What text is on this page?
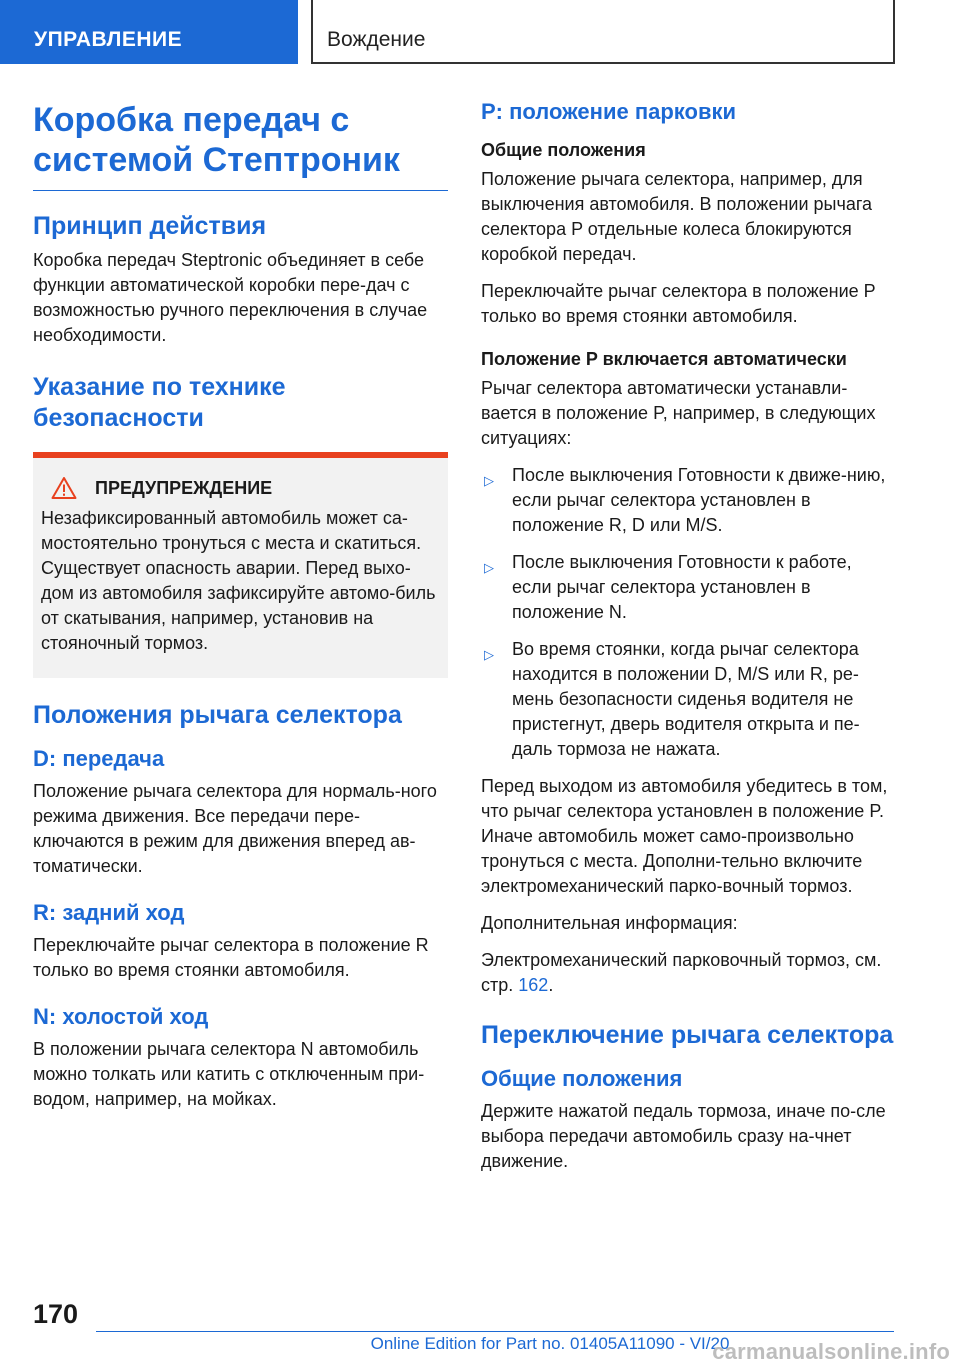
УПРАВЛЕНИЕ	Вождение
Коробка передач с системой Стептроник
Принцип действия

Коробка передач Steptronic объединяет в себе функции автоматической коробки пере-дач с возможностью ручного переключения в случае необходимости.

Указание по технике безопасности
ПРЕДУПРЕЖДЕНИЕ

Незафиксированный автомобиль может са-мостоятельно тронуться с места и скатиться. Существует опасность аварии. Перед выхо-дом из автомобиля зафиксируйте автомо-биль от скатывания, например, установив на стояночный тормоз.

Положения рычага селектора
D: передача

Положение рычага селектора для нормаль-ного режима движения. Все передачи пере-ключаются в режим для движения вперед ав-томатически.

R: задний ход

Переключайте рычаг селектора в положение R только во время стоянки автомобиля.

N: холостой ход

В положении рычага селектора N автомобиль можно толкать или катить с отключенным при-водом, например, на мойках.

P: положение парковки
Общие положения

Положение рычага селектора, например, для выключения автомобиля. В положении рычага селектора P отдельные колеса блокируются коробкой передач.

Переключайте рычаг селектора в положение P только во время стоянки автомобиля.

Положение P включается автоматически

Рычаг селектора автоматически устанавли-вается в положение P, например, в следующих ситуациях:

▷	После выключения Готовности к движе-нию, если рычаг селектора установлен в положение R, D или M/S.
▷	После выключения Готовности к работе, если рычаг селектора установлен в положение N.
▷	Во время стоянки, когда рычаг селектора находится в положении D, M/S или R, ре-мень безопасности сиденья водителя не пристегнут, дверь водителя открыта и пе-даль тормоза не нажата.

Перед выходом из автомобиля убедитесь в том, что рычаг селектора установлен в положение P. Иначе автомобиль может само-произвольно тронуться с места. Дополни-тельно включите электромеханический парко-вочный тормоз.

Дополнительная информация:

Электромеханический парковочный тормоз, см. стр. 162.

Переключение рычага селектора
Общие положения

Держите нажатой педаль тормоза, иначе по-сле выбора передачи автомобиль сразу на-чнет движение.

170
Online Edition for Part no. 01405A11090 - VI/20
carmanualsonline.info
